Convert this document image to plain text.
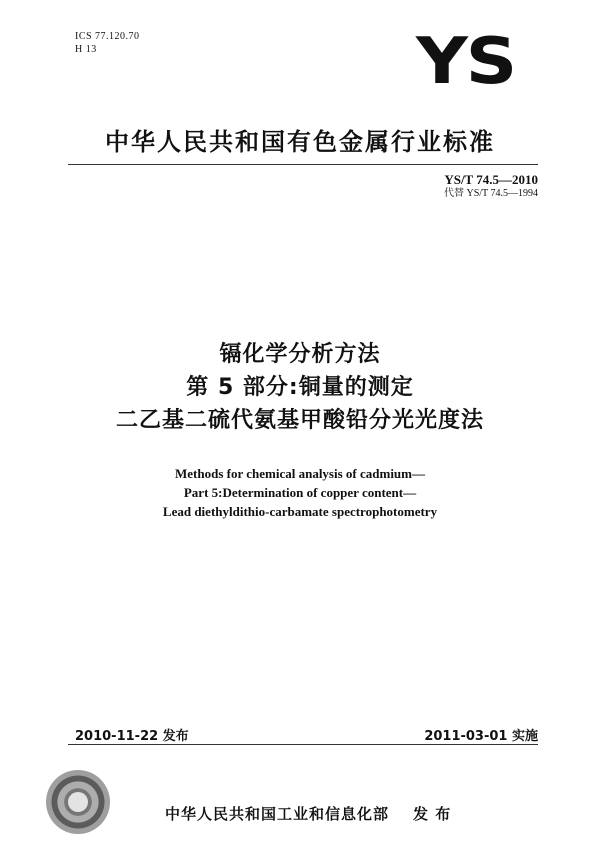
ICS 77.120.70
H 13	YS
中华人民共和国有色金属行业标准
YS/T 74.5—2010
代替 YS/T 74.5—1994
镉化学分析方法
第 5 部分:铜量的测定
二乙基二硫代氨基甲酸铅分光光度法
Methods for chemical analysis of cadmium—
Part 5:Determination of copper content—
Lead diethyldithio-carbamate spectrophotometry
2010-11-22 发布	2011-03-01 实施
中华人民共和国工业和信息化部 发 布
